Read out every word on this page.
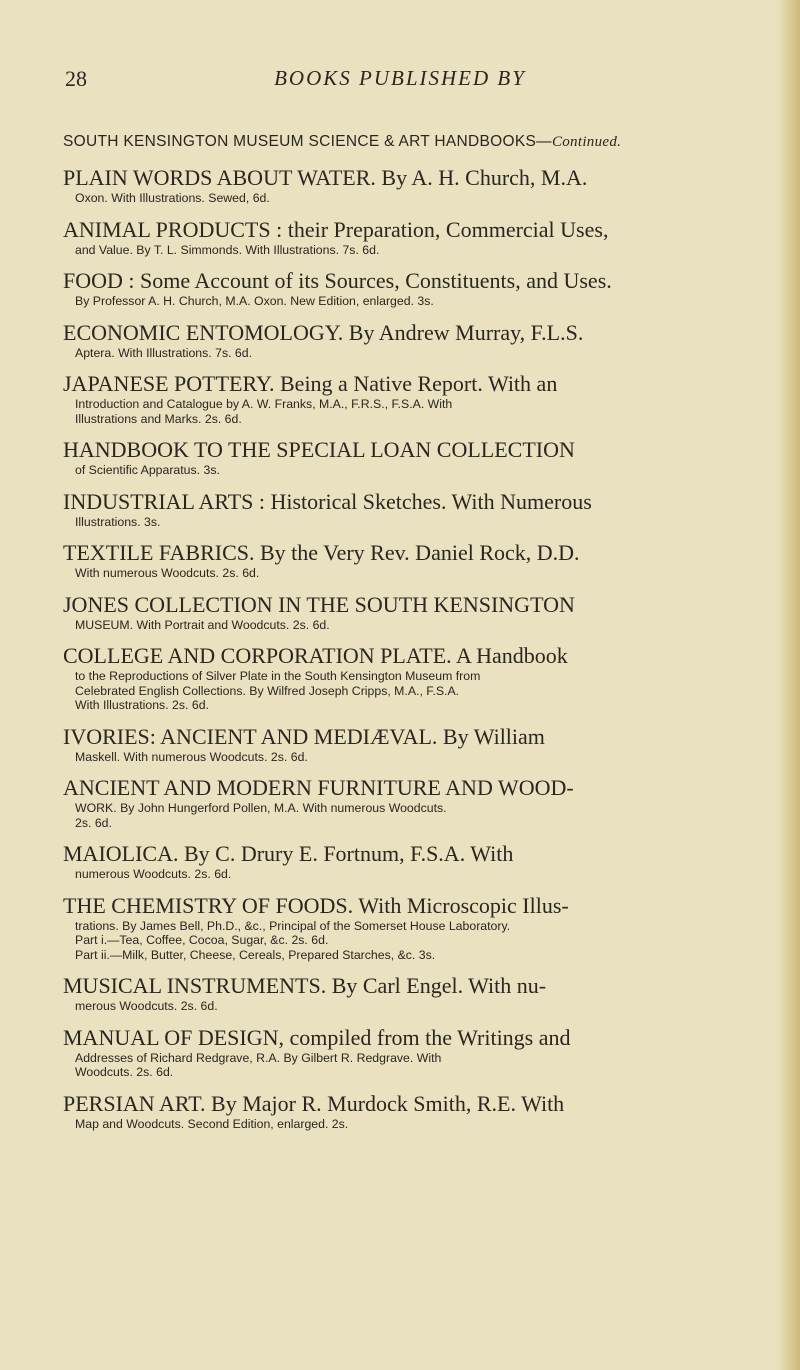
28	BOOKS PUBLISHED BY
SOUTH KENSINGTON MUSEUM SCIENCE & ART HANDBOOKS—Continued.
PLAIN WORDS ABOUT WATER. By A. H. Church, M.A.
Oxon. With Illustrations. Sewed, 6d.
ANIMAL PRODUCTS : their Preparation, Commercial Uses,
and Value. By T. L. Simmonds. With Illustrations. 7s. 6d.
FOOD : Some Account of its Sources, Constituents, and Uses.
By Professor A. H. Church, M.A. Oxon. New Edition, enlarged. 3s.
ECONOMIC ENTOMOLOGY. By Andrew Murray, F.L.S.
Aptera. With Illustrations. 7s. 6d.
JAPANESE POTTERY. Being a Native Report. With an
Introduction and Catalogue by A. W. Franks, M.A., F.R.S., F.S.A. With
Illustrations and Marks. 2s. 6d.
HANDBOOK TO THE SPECIAL LOAN COLLECTION
of Scientific Apparatus. 3s.
INDUSTRIAL ARTS : Historical Sketches. With Numerous
Illustrations. 3s.
TEXTILE FABRICS. By the Very Rev. Daniel Rock, D.D.
With numerous Woodcuts. 2s. 6d.
JONES COLLECTION IN THE SOUTH KENSINGTON
MUSEUM. With Portrait and Woodcuts. 2s. 6d.
COLLEGE AND CORPORATION PLATE. A Handbook
to the Reproductions of Silver Plate in the South Kensington Museum from
Celebrated English Collections. By Wilfred Joseph Cripps, M.A., F.S.A.
With Illustrations. 2s. 6d.
IVORIES: ANCIENT AND MEDIÆVAL. By William
Maskell. With numerous Woodcuts. 2s. 6d.
ANCIENT AND MODERN FURNITURE AND WOOD-
WORK. By John Hungerford Pollen, M.A. With numerous Woodcuts.
2s. 6d.
MAIOLICA. By C. Drury E. Fortnum, F.S.A. With
numerous Woodcuts. 2s. 6d.
THE CHEMISTRY OF FOODS. With Microscopic Illus-
trations. By James Bell, Ph.D., &c., Principal of the Somerset House Laboratory.
Part i.—Tea, Coffee, Cocoa, Sugar, &c. 2s. 6d.
Part ii.—Milk, Butter, Cheese, Cereals, Prepared Starches, &c. 3s.
MUSICAL INSTRUMENTS. By Carl Engel. With nu-
merous Woodcuts. 2s. 6d.
MANUAL OF DESIGN, compiled from the Writings and
Addresses of Richard Redgrave, R.A. By Gilbert R. Redgrave. With
Woodcuts. 2s. 6d.
PERSIAN ART. By Major R. Murdock Smith, R.E. With
Map and Woodcuts. Second Edition, enlarged. 2s.
